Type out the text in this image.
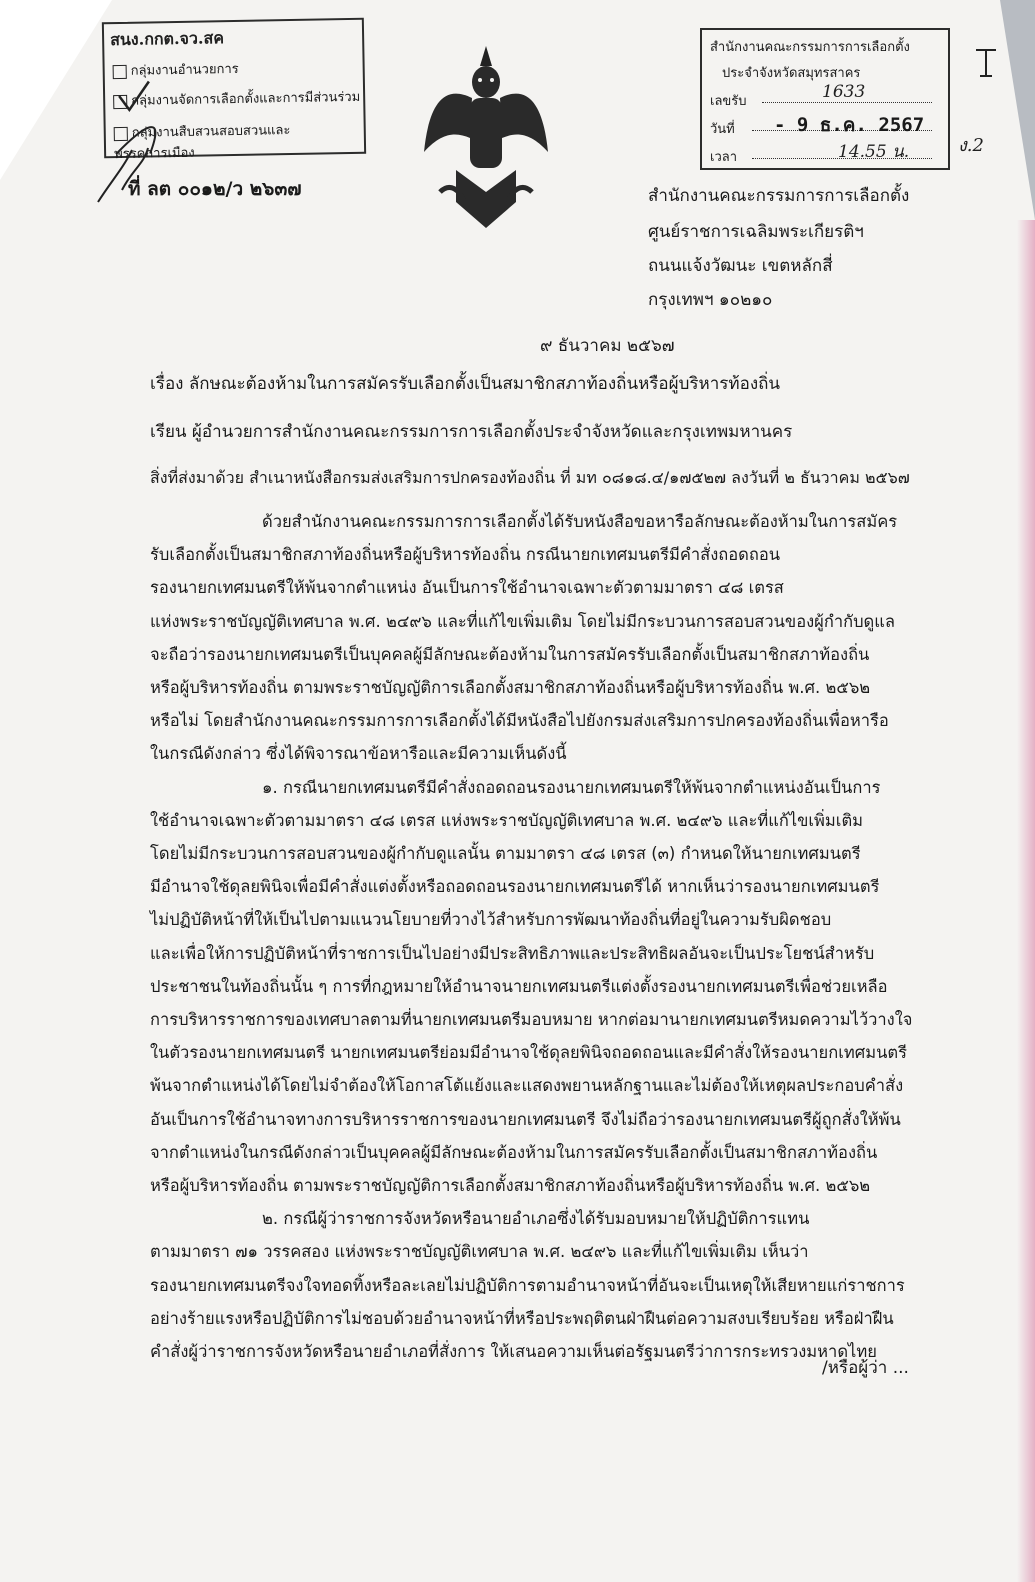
สนง.กกต.จว.สค
กลุ่มงานอำนวยการ
กลุ่มงานจัดการเลือกตั้งและการมีส่วนร่วม
กลุ่มงานสืบสวนสอบสวนและพรรคการเมือง
ที่ ลต ๐๐๑๒/ว ๒๖๓๗
สำนักงานคณะกรรมการการเลือกตั้ง
ประจำจังหวัดสมุทรสาคร
เลขรับ	1633
วันที่ - 9 ธ.ค. 2567
เวลา	14.55 น.	ง.2
สำนักงานคณะกรรมการการเลือกตั้ง
ศูนย์ราชการเฉลิมพระเกียรติฯ
ถนนแจ้งวัฒนะ เขตหลักสี่
กรุงเทพฯ ๑๐๒๑๐
๙ ธันวาคม ๒๕๖๗
เรื่อง ลักษณะต้องห้ามในการสมัครรับเลือกตั้งเป็นสมาชิกสภาท้องถิ่นหรือผู้บริหารท้องถิ่น
เรียน ผู้อำนวยการสำนักงานคณะกรรมการการเลือกตั้งประจำจังหวัดและกรุงเทพมหานคร
สิ่งที่ส่งมาด้วย สำเนาหนังสือกรมส่งเสริมการปกครองท้องถิ่น ที่ มท ๐๘๑๘.๔/๑๗๕๒๗ ลงวันที่ ๒ ธันวาคม ๒๕๖๗
ด้วยสำนักงานคณะกรรมการการเลือกตั้งได้รับหนังสือขอหารือลักษณะต้องห้ามในการสมัคร
รับเลือกตั้งเป็นสมาชิกสภาท้องถิ่นหรือผู้บริหารท้องถิ่น กรณีนายกเทศมนตรีมีคำสั่งถอดถอน
รองนายกเทศมนตรีให้พ้นจากตำแหน่ง อันเป็นการใช้อำนาจเฉพาะตัวตามมาตรา ๔๘ เตรส
แห่งพระราชบัญญัติเทศบาล พ.ศ. ๒๔๙๖ และที่แก้ไขเพิ่มเติม โดยไม่มีกระบวนการสอบสวนของผู้กำกับดูแล
จะถือว่ารองนายกเทศมนตรีเป็นบุคคลผู้มีลักษณะต้องห้ามในการสมัครรับเลือกตั้งเป็นสมาชิกสภาท้องถิ่น
หรือผู้บริหารท้องถิ่น ตามพระราชบัญญัติการเลือกตั้งสมาชิกสภาท้องถิ่นหรือผู้บริหารท้องถิ่น พ.ศ. ๒๕๖๒
หรือไม่ โดยสำนักงานคณะกรรมการการเลือกตั้งได้มีหนังสือไปยังกรมส่งเสริมการปกครองท้องถิ่นเพื่อหารือ
ในกรณีดังกล่าว ซึ่งได้พิจารณาข้อหารือและมีความเห็นดังนี้
๑. กรณีนายกเทศมนตรีมีคำสั่งถอดถอนรองนายกเทศมนตรีให้พ้นจากตำแหน่งอันเป็นการ
ใช้อำนาจเฉพาะตัวตามมาตรา ๔๘ เตรส แห่งพระราชบัญญัติเทศบาล พ.ศ. ๒๔๙๖ และที่แก้ไขเพิ่มเติม
โดยไม่มีกระบวนการสอบสวนของผู้กำกับดูแลนั้น ตามมาตรา ๔๘ เตรส (๓) กำหนดให้นายกเทศมนตรี
มีอำนาจใช้ดุลยพินิจเพื่อมีคำสั่งแต่งตั้งหรือถอดถอนรองนายกเทศมนตรีได้ หากเห็นว่ารองนายกเทศมนตรี
ไม่ปฏิบัติหน้าที่ให้เป็นไปตามแนวนโยบายที่วางไว้สำหรับการพัฒนาท้องถิ่นที่อยู่ในความรับผิดชอบ
และเพื่อให้การปฏิบัติหน้าที่ราชการเป็นไปอย่างมีประสิทธิภาพและประสิทธิผลอันจะเป็นประโยชน์สำหรับ
ประชาชนในท้องถิ่นนั้น ๆ การที่กฎหมายให้อำนาจนายกเทศมนตรีแต่งตั้งรองนายกเทศมนตรีเพื่อช่วยเหลือ
การบริหารราชการของเทศบาลตามที่นายกเทศมนตรีมอบหมาย หากต่อมานายกเทศมนตรีหมดความไว้วางใจ
ในตัวรองนายกเทศมนตรี นายกเทศมนตรีย่อมมีอำนาจใช้ดุลยพินิจถอดถอนและมีคำสั่งให้รองนายกเทศมนตรี
พ้นจากตำแหน่งได้โดยไม่จำต้องให้โอกาสโต้แย้งและแสดงพยานหลักฐานและไม่ต้องให้เหตุผลประกอบคำสั่ง
อันเป็นการใช้อำนาจทางการบริหารราชการของนายกเทศมนตรี จึงไม่ถือว่ารองนายกเทศมนตรีผู้ถูกสั่งให้พ้น
จากตำแหน่งในกรณีดังกล่าวเป็นบุคคลผู้มีลักษณะต้องห้ามในการสมัครรับเลือกตั้งเป็นสมาชิกสภาท้องถิ่น
หรือผู้บริหารท้องถิ่น ตามพระราชบัญญัติการเลือกตั้งสมาชิกสภาท้องถิ่นหรือผู้บริหารท้องถิ่น พ.ศ. ๒๕๖๒
๒. กรณีผู้ว่าราชการจังหวัดหรือนายอำเภอซึ่งได้รับมอบหมายให้ปฏิบัติการแทน
ตามมาตรา ๗๑ วรรคสอง แห่งพระราชบัญญัติเทศบาล พ.ศ. ๒๔๙๖ และที่แก้ไขเพิ่มเติม เห็นว่า
รองนายกเทศมนตรีจงใจทอดทิ้งหรือละเลยไม่ปฏิบัติการตามอำนาจหน้าที่อันจะเป็นเหตุให้เสียหายแก่ราชการ
อย่างร้ายแรงหรือปฏิบัติการไม่ชอบด้วยอำนาจหน้าที่หรือประพฤติตนฝ่าฝืนต่อความสงบเรียบร้อย หรือฝ่าฝืน
คำสั่งผู้ว่าราชการจังหวัดหรือนายอำเภอที่สั่งการ ให้เสนอความเห็นต่อรัฐมนตรีว่าการกระทรวงมหาดไทย
/หรือผู้ว่า ...
